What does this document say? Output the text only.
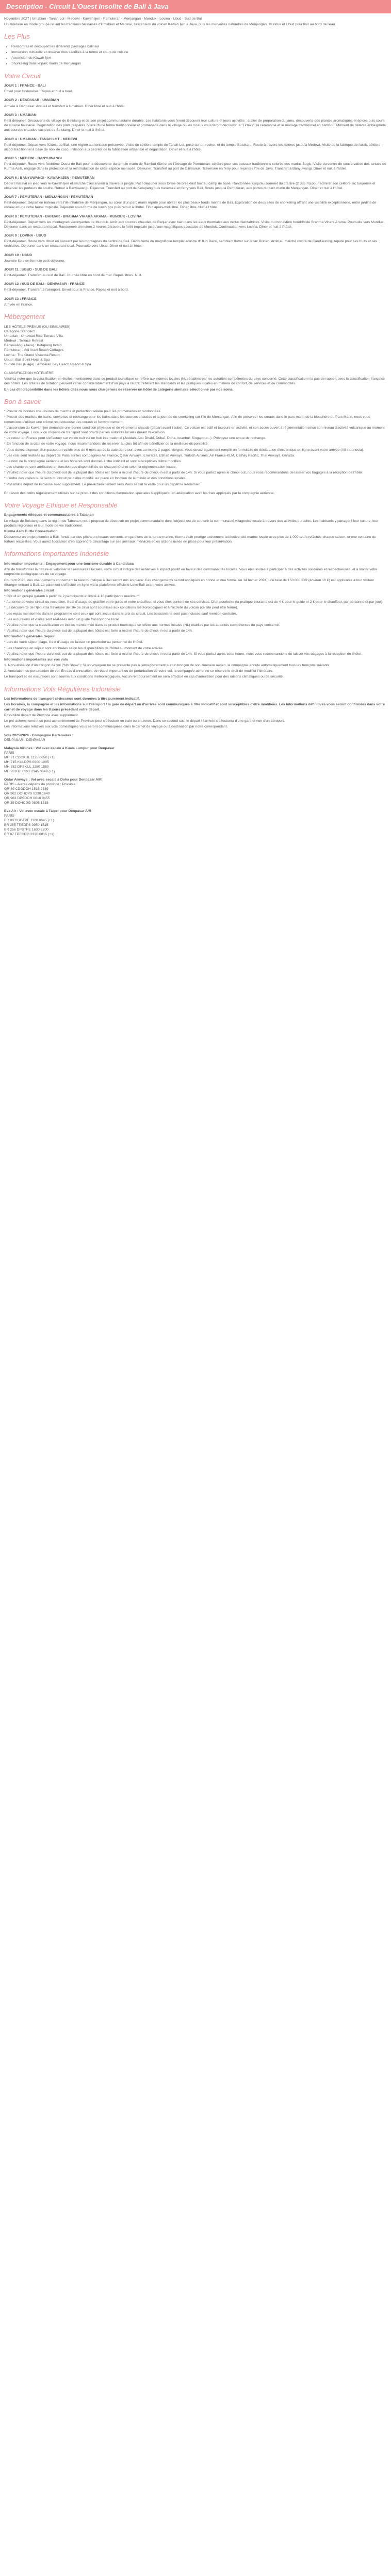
Description - Circuit L'Ouest Insolite de Bali à Java

Novembre 2027 | Umabian - Tanah Lot - Medewi - Kawah Ijen - Pemuteran - Menjangan - Munduk - Lovina - Ubud - Sud de Bali

Un itinéraire en mode groupe reliant les traditions balinaises d'Umabian et Medewi, l'ascension du volcan Kawah Ijen à Java, puis les merveilles naturelles de Menjangan, Munduk et Ubud pour finir au bord de l'eau.

Les Plus
• Rencontres et découvert les différents paysages balinais
• Immersion culturelle et observe rites sacrifiés à la ferme et cours de cuisine
• Ascension du Kawah Ijen
• Snorkeling dans le parc marin de Menjangan
Votre Circuit

JOUR 1 : FRANCE - BALI

Envol pour l'Indonésie. Repas et nuit à bord.

JOUR 2 : DENPASAR - UMABIAN

Arrivée à Denpasar. Accueil et transfert à Umabian. Dîner libre et nuit à l'hôtel.

JOUR 3 : UMABIAN

Petit déjeuner. Découverte du village de Belulang et de son projet communautaire durable. Les habitants vous feront découvrir leur culture et leurs activités : atelier de préparation du jamu, découverte des plantes aromatiques et épices puis cours de cuisine balinaise. Dégustation des plats préparés. Visite d'une ferme traditionnelle et promenade dans le village où les locaux vous feront découvrir le "Tirtaks", la cérémonie et le mariage traditionnel en bambou. Moment de détente et baignade aux sources chaudes sacrées de Belulang. Dîner et nuit à l'hôtel.

JOUR 4 : UMABIAN - TANAH LOT - MEDEWI

Petit-déjeuner. Départ vers l'Ouest de Bali, une région authentique préservée. Visite du célèbre temple de Tanah Lot, posé sur un rocher, et du temple Batukaru. Route à travers les rizières jusqu'à Medewi. Visite de la fabrique de l'arak, célèbre alcool traditionnel à base de noix de coco. Initiation aux secrets de la fabrication artisanale et dégustation. Dîner et nuit à l'hôtel.

JOUR 5 : MEDEWI - BANYUWANGI

Petit-déjeuner. Route vers l'extrême Ouest de Bali pour la découverte du temple marin de Rambut Siwi et de l'élevage de Pemuteran, célèbre pour ses bateaux traditionnels colorés des marins Bugis. Visite du centre de conservation des tortues de Kurma Asih, engagé dans la protection et la réintroduction de cette espèce menacée. Déjeuner. Transfert au port de Gilimanuk. Traversée en ferry pour rejoindre l'île de Java. Transfert à Banyuwangi. Dîner et nuit à l'hôtel.

JOUR 6 : BANYUWANGI - KAWAH IJEN - PEMUTERAN

Départ matinal en jeep vers le Kawah Ijen et marche d'ascension à travers la jungle. Petit-déjeuner sous forme de breakfast box au camp de base. Randonnée jusqu'au sommet du cratère (2 385 m) pour admirer son célèbre lac turquoise et observer les porteurs de soufre. Retour à Banyuwangi. Déjeuner. Transfert au port de Ketapang puis traversée en ferry vers Bali. Route jusqu'à Pemuteran, aux portes du parc marin de Menjangan. Dîner et nuit à l'hôtel.

JOUR 7 : PEMUTERAN - MENJANGAN - PEMUTERAN

Petit-déjeuner. Départ en bateau vers l'île inhabitée de Menjangan, au cœur d'un parc marin réputé pour abriter les plus beaux fonds marins de Bali. Exploration de deux sites de snorkeling offrant une visibilité exceptionnelle, entre jardins de coraux et une riche faune tropicale. Déjeuner sous forme de lunch box puis retour à l'hôtel. Fin d'après-midi libre. Dîner libre. Nuit à l'hôtel.

JOUR 8 : PEMUTERAN - BANJAR - BRAHMA VIHARA ARAMA - MUNDUK - LOVINA

Petit-déjeuner. Départ vers les montagnes verdoyantes de Munduk. Arrêt aux sources chaudes de Banjar avec bain dans les eaux thermales aux vertus bienfaitrices. Visite du monastère bouddhiste Brahma Vihara Arama. Poursuite vers Munduk. Déjeuner dans un restaurant local. Randonnée d'environ 2 heures à travers la forêt tropicale jusqu'aux magnifiques cascades de Munduk. Continuation vers Lovina. Dîner et nuit à l'hôtel.

JOUR 9 : LOVINA - UBUD

Petit-déjeuner. Route vers Ubud en passant par les montagnes du centre de Bali. Découverte du magnifique temple lacustre d'Ulun Danu, semblant flotter sur le lac Bratan. Arrêt au marché coloré de Candikuning, réputé pour ses fruits et ses orchidées. Déjeuner dans un restaurant local. Poursuite vers Ubud. Dîner et nuit à l'hôtel.

JOUR 10 : UBUD

Journée libre en formule petit-déjeuner.

JOUR 11 : UBUD - SUD DE BALI

Petit-déjeuner. Transfert au sud de Bali. Journée libre en bord de mer. Repas libres. Nuit.

JOUR 12 : SUD DE BALI - DENPASAR - FRANCE

Petit-déjeuner. Transfert à l'aéroport. Envol pour la France. Repas et nuit à bord.

JOUR 13 : FRANCE

Arrivée en France.

Hébergement

LES HÔTELS PRÉVUS (OU SIMILAIRES)

Catégorie Standard

Umabian : Umawati Rice Terrace Villa

Medewi : Terrace Retreat

Banyuwangi (Java) : Ketapang Indah

Pemuteran : Adi Assri Beach Cottages

Lovina : The Grand Vistanita Resort

Ubud : Bali Spirit Hotel & Spa

Sud de Bali (Plage) : Amnaran Bay Beach Resort & Spa

CLASSIFICATION HÔTELIÈRE

Veuillez noter que la classification en étoiles mentionnée dans ce produit touristique se réfère aux normes locales (NL) établies par les autorités compétentes du pays concerné. Cette classification n'a pas de rapport avec la classification française des hôtels. Les critères de notation peuvent varier considérablement d'un pays à l'autre, reflétant les standards et les pratiques locales en matière de confort, de services et de commodités.

En cas d'indisponibilité dans les hôtels cités nous nous chargerons de réserver un hôtel de catégorie similaire sélectionné par nos soins.

Bon à savoir

* Prévoir de bonnes chaussures de marche et protection solaire pour les promenades et randonnées.

* Prévoir des maillots de bains, serviettes et rechange pour les bains dans les sources chaudes et la journée de snorkeling sur l'île de Menjangan. Afin de préserver les coraux dans le parc marin de la biosphère du Parc Marin, nous vous remercions d'utiliser une crème respectueuse des coraux et l'environnement.

* L'ascension du Kawah Ijen demande une bonne condition physique et de vêtements chauds (départ avant l'aube). Ce volcan est actif et toujours en activité, et son accès ouvert à réglementation selon son niveau d'activité volcanique au moment de votre voyage. Locaux ou moyens de transport sont offerts par les autorités locales durant l'excursion.

* Le retour en France peut s'effectuer sur vol de nuit via un hub international (Jeddah, Abu Dhabi, Dubaï, Doha, Istanbul, Singapour...). Prévoyez une tenue de rechange.

* En fonction de la date de votre voyage, nous recommandons de réserver au plus tôt afin de bénéficier de la meilleure disponibilité.

* Vous devez disposer d'un passeport valide plus de 6 mois après la date de retour, avec au moins 2 pages vierges. Vous devez également remplir un formulaire de déclaration électronique en ligne avant votre arrivée (All Indonesia).

* Les vols sont réalisés au départ de Paris sur les compagnies Air France, Qatar Airways, Emirates, Etihad Airways, Turkish Airlines, Air France-KLM, Cathay Pacific, Thai Airways, Garuda.

* Le nom de la compagnie aérienne et les horaires sont donnés à titre indicatif et sont susceptibles d'être modifiés.

* Les chambres sont attribuées en fonction des disponibilités de chaque hôtel et selon la réglementation locale.

* Veuillez noter que l'heure du check-out de la plupart des hôtels est fixée à midi et l'heure de check-in est à partir de 14h. Si vous partez après le check-out, nous vous recommandons de laisser vos bagages à la réception de l'hôtel.

* L'ordre des visites ou le sens du circuit peut être modifié sur place en fonction de la météo et des conditions locales.

* Possibilité départ de Province avec supplément. Le pré-acheminement vers Paris se fait la veille pour un départ le lendemain.

En raison des coûts régulièrement utilisés sur ce produit des conditions d'annulation spéciales s'appliquent, en adéquation avec les frais appliqués par la compagnie aérienne.

Votre Voyage Ethique et Responsable

Engagements éthiques et communautaires à Tabanan

Le village de Belulang dans la région de Tabanan, nous propose de découvrir un projet communautaire dont l'objectif est de soutenir la communauté villageoise locale à travers des activités durables. Les habitants y partagent leur culture, leur produits régionaux et leur mode de vie traditionnel.

Kurma Asih Turtle Conservation

Découvrez un projet pionnier à Bali, fondé par des pêcheurs locaux convertis en gardiens de la tortue marine, Kurma Asih protège activement la biodiversité marine locale avec plus de 1 000 œufs relâchés chaque saison, et une centaine de tortues recueillies. Vous aurez l'occasion d'en apprendre davantage sur ces animaux menacés et les actions mises en place pour leur préservation.

Informations importantes Indonésie

Information importante : Engagement pour une tourisme durable à Candidasa

Afin de transformer la nature et valoriser les ressources locales, votre circuit intègre des initiatives à impact positif en faveur des communautés locales. Vous êtes invités à participer à des activités solidaires et respectueuses, et à limiter votre empreinte écologique lors de ce voyage.

Courant 2025, des changements concernant la taxe touristique à Bali seront mis en place. Ces changements seront appliqués en bonne et due forme. Au 14 février 2024, une taxe de 150 000 IDR (environ 10 €) est applicable à tout visiteur étranger entrant à Bali. Le paiement s'effectue en ligne via la plateforme officielle Love Bali avant votre arrivée.

Informations générales circuit

* Circuit en groupe garanti à partir de 2 participants et limité à 16 participants maximum.

* Au terme de votre circuit ou excursion, il est d'usage de gratifier votre guide et votre chauffeur, si vous êtes content de ses services. D'un pourboire (la pratique courante est de 4 € pour le guide et 2 € pour le chauffeur, par personne et par jour).

* La découverte de l'Ijen et la traversée de l'île de Java sont soumises aux conditions météorologiques et à l'activité du volcan (ce site peut être fermé).

* Les repas mentionnés dans le programme sont ceux qui sont inclus dans le prix du circuit. Les boissons ne sont pas incluses sauf mention contraire.

* Les excursions et visites sont réalisées avec un guide francophone local.

* Veuillez noter que la classification en étoiles mentionnée dans ce produit touristique se réfère aux normes locales (NL) établies par les autorités compétentes du pays concerné.

* Veuillez noter que l'heure du check-out de la plupart des hôtels est fixée à midi et l'heure de check-in est à partir de 14h.

Informations générales Séjour

* Lors de votre séjour plage, il est d'usage de laisser un pourboire au personnel de l'hôtel.

* Les chambres en séjour sont attribuées selon les disponibilités de l'hôtel au moment de votre arrivée.

* Veuillez noter que l'heure du check-out de la plupart des hôtels est fixée à midi et l'heure de check-in est à partir de 14h. Si vous partez après cette heure, nous vous recommandons de laisser vos bagages à la réception de l'hôtel.

Informations importantes sur vos vols

1. Non-utilisation d'un tronçon de vol ("No Show"): Si un voyageur ne se présente pas à l'enregistrement sur un tronçon de son itinéraire aérien, la compagnie annule automatiquement tous les tronçons suivants.

2. Annulation ou perturbation de vol: En cas d'annulation, de retard important ou de perturbation de votre vol, la compagnie aérienne se réserve le droit de modifier l'itinéraire.

Le transport et les excursions sont soumis aux conditions météorologiques. Aucun remboursement ne sera effectué en cas d'annulation pour des raisons climatiques ou de sécurité.

Informations Vols Régulières Indonésie

Les informations de transport ci-dessous sont données à titre purement indicatif.

Les horaires, la compagnie et les informations sur l'aéroport / la gare de départ ou d'arrivée sont communiqués à titre indicatif et sont susceptibles d'être modifiées. Les informations définitives vous seront confirmées dans votre carnet de voyage dans les 8 jours précédant votre départ.

Possibilité départ de Province avec supplément.

Le pré-acheminement ou post-acheminement de Province peut s'effectuer en train ou en avion. Dans ce second cas, le départ / l'arrivée s'effectuera d'une gare et non d'un aéroport.

Les informations relatives aux vols domestiques vous seront communiquées dans le carnet de voyage ou à destination par notre correspondant.

Vols 2025/2026 - Compagnie Partenaires :

DENPASAR - DENPASAR

Malaysia Airlines : Vol avec escale à Kuala Lumpur pour Denpasar

PARIS

MH 21 CDGKUL 1125 0650 (+1)

MH 715 KULDPS 0900 1205

MH 852 DPSKUL 1250 1550

MH 20 KULCDG 2345 0640 (+1)

Qatar Airways : Vol avec escale à Doha pour Denpasar A/R

PARIS - Autres départs de province : Possible

QR 40 CDGDOH 1515 2339

QR 962 DOHDPS 0230 1640

QR 963 DPSDOH 0010 0455

QR 39 DOHCDG 0805 1315

Eva Air : Vol avec escale à Taipei pour Denpasar A/R

PARIS

BR 88 CDGTPE 1120 0645 (+1)

BR 255 TPEDPS 0950 1515

BR 256 DPSTPE 1630 2200

BR 87 TPECDG 2330 0815 (+1)
